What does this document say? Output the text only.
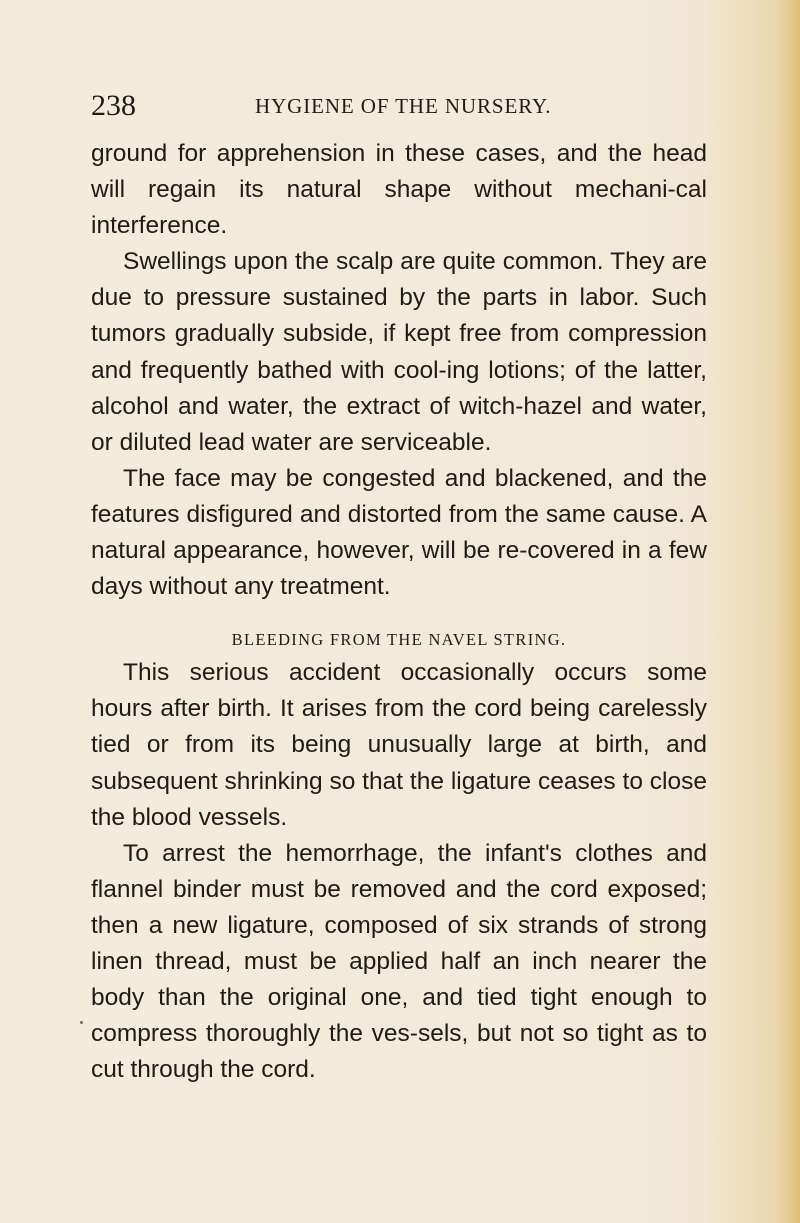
238	HYGIENE OF THE NURSERY.

ground for apprehension in these cases, and the head will regain its natural shape without mechani-cal interference.

Swellings upon the scalp are quite common. They are due to pressure sustained by the parts in labor. Such tumors gradually subside, if kept free from compression and frequently bathed with cool-ing lotions; of the latter, alcohol and water, the extract of witch-hazel and water, or diluted lead water are serviceable.

The face may be congested and blackened, and the features disfigured and distorted from the same cause. A natural appearance, however, will be re-covered in a few days without any treatment.

BLEEDING FROM THE NAVEL STRING.

This serious accident occasionally occurs some hours after birth. It arises from the cord being carelessly tied or from its being unusually large at birth, and subsequent shrinking so that the ligature ceases to close the blood vessels.

To arrest the hemorrhage, the infant's clothes and flannel binder must be removed and the cord exposed; then a new ligature, composed of six strands of strong linen thread, must be applied half an inch nearer the body than the original one, and tied tight enough to compress thoroughly the ves-sels, but not so tight as to cut through the cord.
